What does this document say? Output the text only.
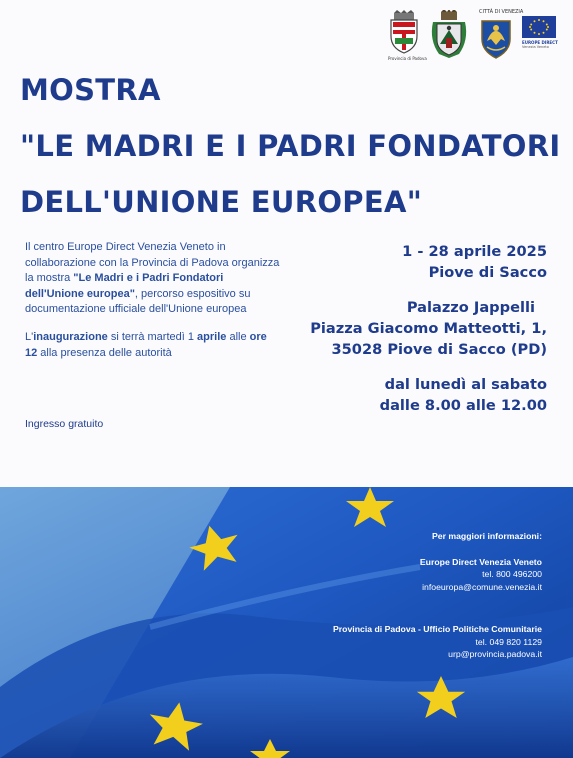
Provincia di Padova
CITTÀ DI VENEZIA
EUROPE DIRECT
Venezia Veneto
MOSTRA
"LE MADRI E I PADRI FONDATORI
DELL'UNIONE EUROPEA"

Il centro Europe Direct Venezia Veneto in collaborazione con la Provincia di Padova organizza la mostra "Le Madri e i Padri Fondatori dell'Unione europea", percorso espositivo su documentazione ufficiale dell'Unione europea

L'inaugurazione si terrà martedì 1 aprile alle ore 12 alla presenza delle autorità

Ingresso gratuito
1 - 28 aprile 2025
Piove di Sacco
Palazzo Jappelli
Piazza Giacomo Matteotti, 1,
35028 Piove di Sacco (PD)
dal lunedì al sabato
dalle 8.00 alle 12.00
Per maggiori informazioni:
Europe Direct Venezia Veneto
tel. 800 496200
infoeuropa@comune.venezia.it
Provincia di Padova - Ufficio Politiche Comunitarie
tel. 049 820 1129
urp@provincia.padova.it
